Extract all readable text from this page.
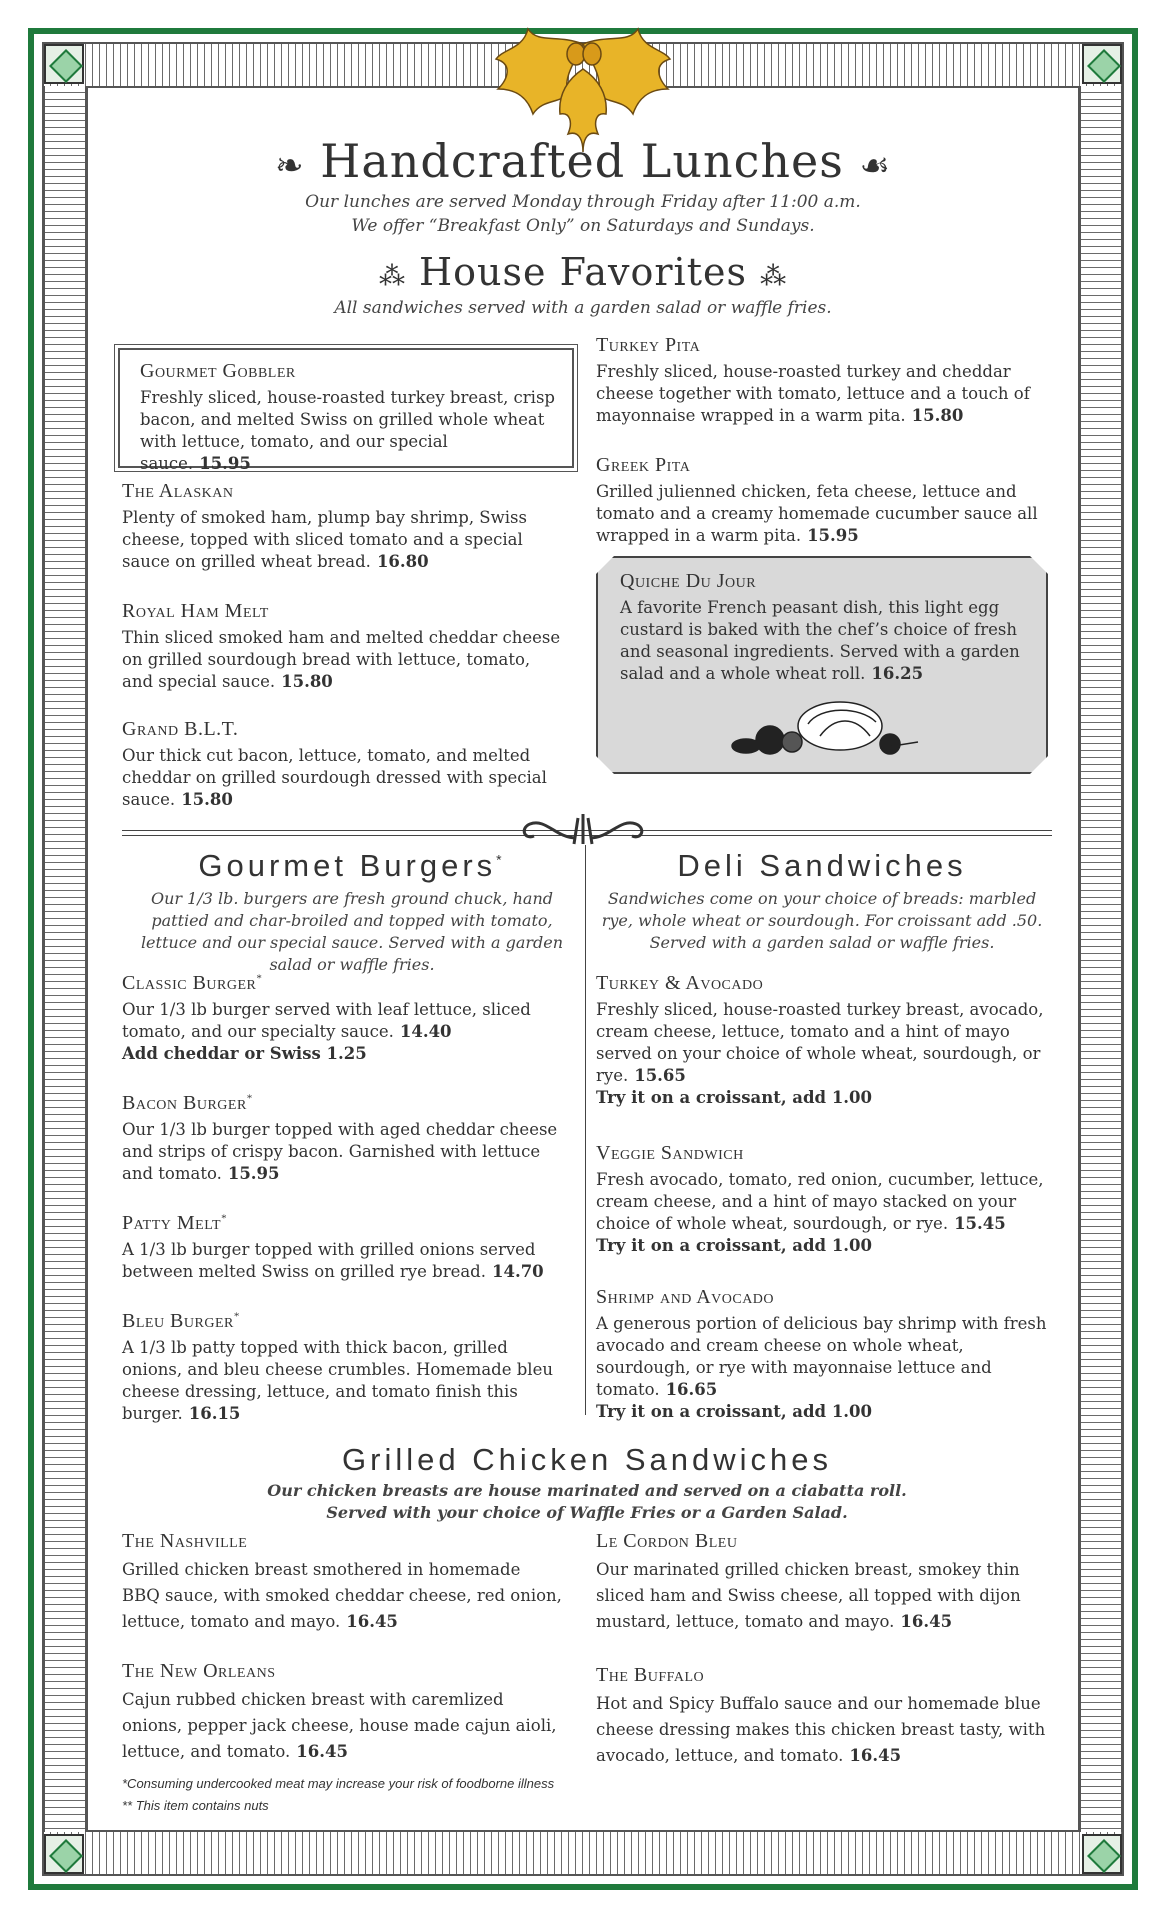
❧ Handcrafted Lunches ☙
Our lunches are served Monday through Friday after 11:00 a.m.
We offer “Breakfast Only” on Saturdays and Sundays.
⁂ House Favorites ⁂
All sandwiches served with a garden salad or waffle fries.
Gourmet Gobbler
Freshly sliced, house-roasted turkey breast, crisp bacon, and melted Swiss on grilled whole wheat with lettuce, tomato, and our special sauce. 15.95
The Alaskan
Plenty of smoked ham, plump bay shrimp, Swiss cheese, topped with sliced tomato and a special sauce on grilled wheat bread. 16.80
Royal Ham Melt
Thin sliced smoked ham and melted cheddar cheese on grilled sourdough bread with lettuce, tomato, and special sauce. 15.80
Grand B.L.T.
Our thick cut bacon, lettuce, tomato, and melted cheddar on grilled sourdough dressed with special sauce. 15.80
Turkey Pita
Freshly sliced, house-roasted turkey and cheddar cheese together with tomato, lettuce and a touch of mayonnaise wrapped in a warm pita. 15.80
Greek Pita
Grilled julienned chicken, feta cheese, lettuce and tomato and a creamy homemade cucumber sauce all wrapped in a warm pita. 15.95
Quiche Du Jour
A favorite French peasant dish, this light egg custard is baked with the chef’s choice of fresh and seasonal ingredients. Served with a garden salad and a whole wheat roll. 16.25
Gourmet Burgers*
Our 1/3 lb. burgers are fresh ground chuck, hand pattied and char-broiled and topped with tomato, lettuce and our special sauce. Served with a garden salad or waffle fries.
Classic Burger*
Our 1/3 lb burger served with leaf lettuce, sliced tomato, and our specialty sauce. 14.40
Add cheddar or Swiss 1.25
Bacon Burger*
Our 1/3 lb burger topped with aged cheddar cheese and strips of crispy bacon. Garnished with lettuce and tomato. 15.95
Patty Melt*
A 1/3 lb burger topped with grilled onions served between melted Swiss on grilled rye bread. 14.70
Bleu Burger*
A 1/3 lb patty topped with thick bacon, grilled onions, and bleu cheese crumbles. Homemade bleu cheese dressing, lettuce, and tomato finish this burger. 16.15
Deli Sandwiches
Sandwiches come on your choice of breads: marbled rye, whole wheat or sourdough. For croissant add .50. Served with a garden salad or waffle fries.
Turkey & Avocado
Freshly sliced, house-roasted turkey breast, avocado, cream cheese, lettuce, tomato and a hint of mayo served on your choice of whole wheat, sourdough, or rye. 15.65
Try it on a croissant, add 1.00
Veggie Sandwich
Fresh avocado, tomato, red onion, cucumber, lettuce, cream cheese, and a hint of mayo stacked on your choice of whole wheat, sourdough, or rye. 15.45
Try it on a croissant, add 1.00
Shrimp and Avocado
A generous portion of delicious bay shrimp with fresh avocado and cream cheese on whole wheat, sourdough, or rye with mayonnaise lettuce and tomato. 16.65
Try it on a croissant, add 1.00
Grilled Chicken Sandwiches
Our chicken breasts are house marinated and served on a ciabatta roll.
Served with your choice of Waffle Fries or a Garden Salad.
The Nashville
Grilled chicken breast smothered in homemade BBQ sauce, with smoked cheddar cheese, red onion, lettuce, tomato and mayo. 16.45
The New Orleans
Cajun rubbed chicken breast with caremlized onions, pepper jack cheese, house made cajun aioli, lettuce, and tomato. 16.45
Le Cordon Bleu
Our marinated grilled chicken breast, smokey thin sliced ham and Swiss cheese, all topped with dijon mustard, lettuce, tomato and mayo. 16.45
The Buffalo
Hot and Spicy Buffalo sauce and our homemade blue cheese dressing makes this chicken breast tasty, with avocado, lettuce, and tomato. 16.45
*Consuming undercooked meat may increase your risk of foodborne illness
** This item contains nuts
